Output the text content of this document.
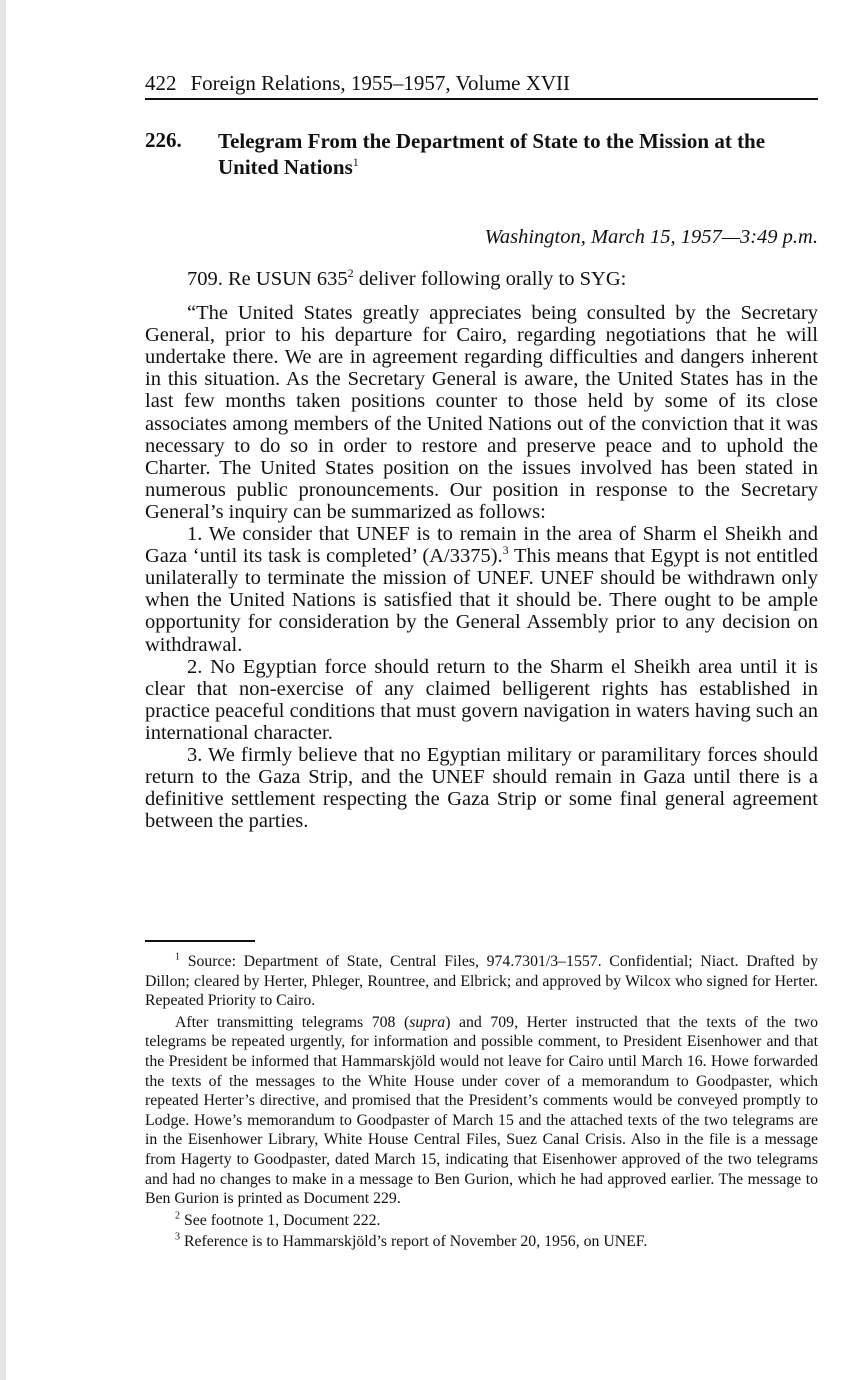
422 Foreign Relations, 1955–1957, Volume XVII
226. Telegram From the Department of State to the Mission at the United Nations$^1$
Washington, March 15, 1957—3:49 p.m.

709. Re USUN $635^2$ deliver following orally to SYG:

“The United States greatly appreciates being consulted by the Secretary General, prior to his departure for Cairo, regarding negotiations that he will undertake there. We are in agreement regarding difficulties and dangers inherent in this situation. As the Secretary General is aware, the United States has in the last few months taken positions counter to those held by some of its close associates among members of the United Nations out of the conviction that it was necessary to do so in order to restore and preserve peace and to uphold the Charter. The United States position on the issues involved has been stated in numerous public pronouncements. Our position in response to the Secretary General’s inquiry can be summarized as follows:

1. We consider that UNEF is to remain in the area of Sharm el Sheikh and Gaza ‘until its task is completed’ (A/3375).$^3$ This means that Egypt is not entitled unilaterally to terminate the mission of UNEF. UNEF should be withdrawn only when the United Nations is satisfied that it should be. There ought to be ample opportunity for consideration by the General Assembly prior to any decision on withdrawal.

2. No Egyptian force should return to the Sharm el Sheikh area until it is clear that non-exercise of any claimed belligerent rights has established in practice peaceful conditions that must govern navigation in waters having such an international character.

3. We firmly believe that no Egyptian military or paramilitary forces should return to the Gaza Strip, and the UNEF should remain in Gaza until there is a definitive settlement respecting the Gaza Strip or some final general agreement between the parties.

$^1$ Source: Department of State, Central Files, 974.7301/3–1557. Confidential; Niact. Drafted by Dillon; cleared by Herter, Phleger, Rountree, and Elbrick; and approved by Wilcox who signed for Herter. Repeated Priority to Cairo.

After transmitting telegrams 708 (supra) and 709, Herter instructed that the texts of the two telegrams be repeated urgently, for information and possible comment, to President Eisenhower and that the President be informed that Hammarskjöld would not leave for Cairo until March 16. Howe forwarded the texts of the messages to the White House under cover of a memorandum to Goodpaster, which repeated Herter’s directive, and promised that the President’s comments would be conveyed promptly to Lodge. Howe’s memorandum to Goodpaster of March 15 and the attached texts of the two telegrams are in the Eisenhower Library, White House Central Files, Suez Canal Crisis. Also in the file is a message from Hagerty to Goodpaster, dated March 15, indicating that Eisenhower approved of the two telegrams and had no changes to make in a message to Ben Gurion, which he had approved earlier. The message to Ben Gurion is printed as Document 229.

$^2$ See footnote 1, Document 222.

$^3$ Reference is to Hammarskjöld’s report of November 20, 1956, on UNEF.
